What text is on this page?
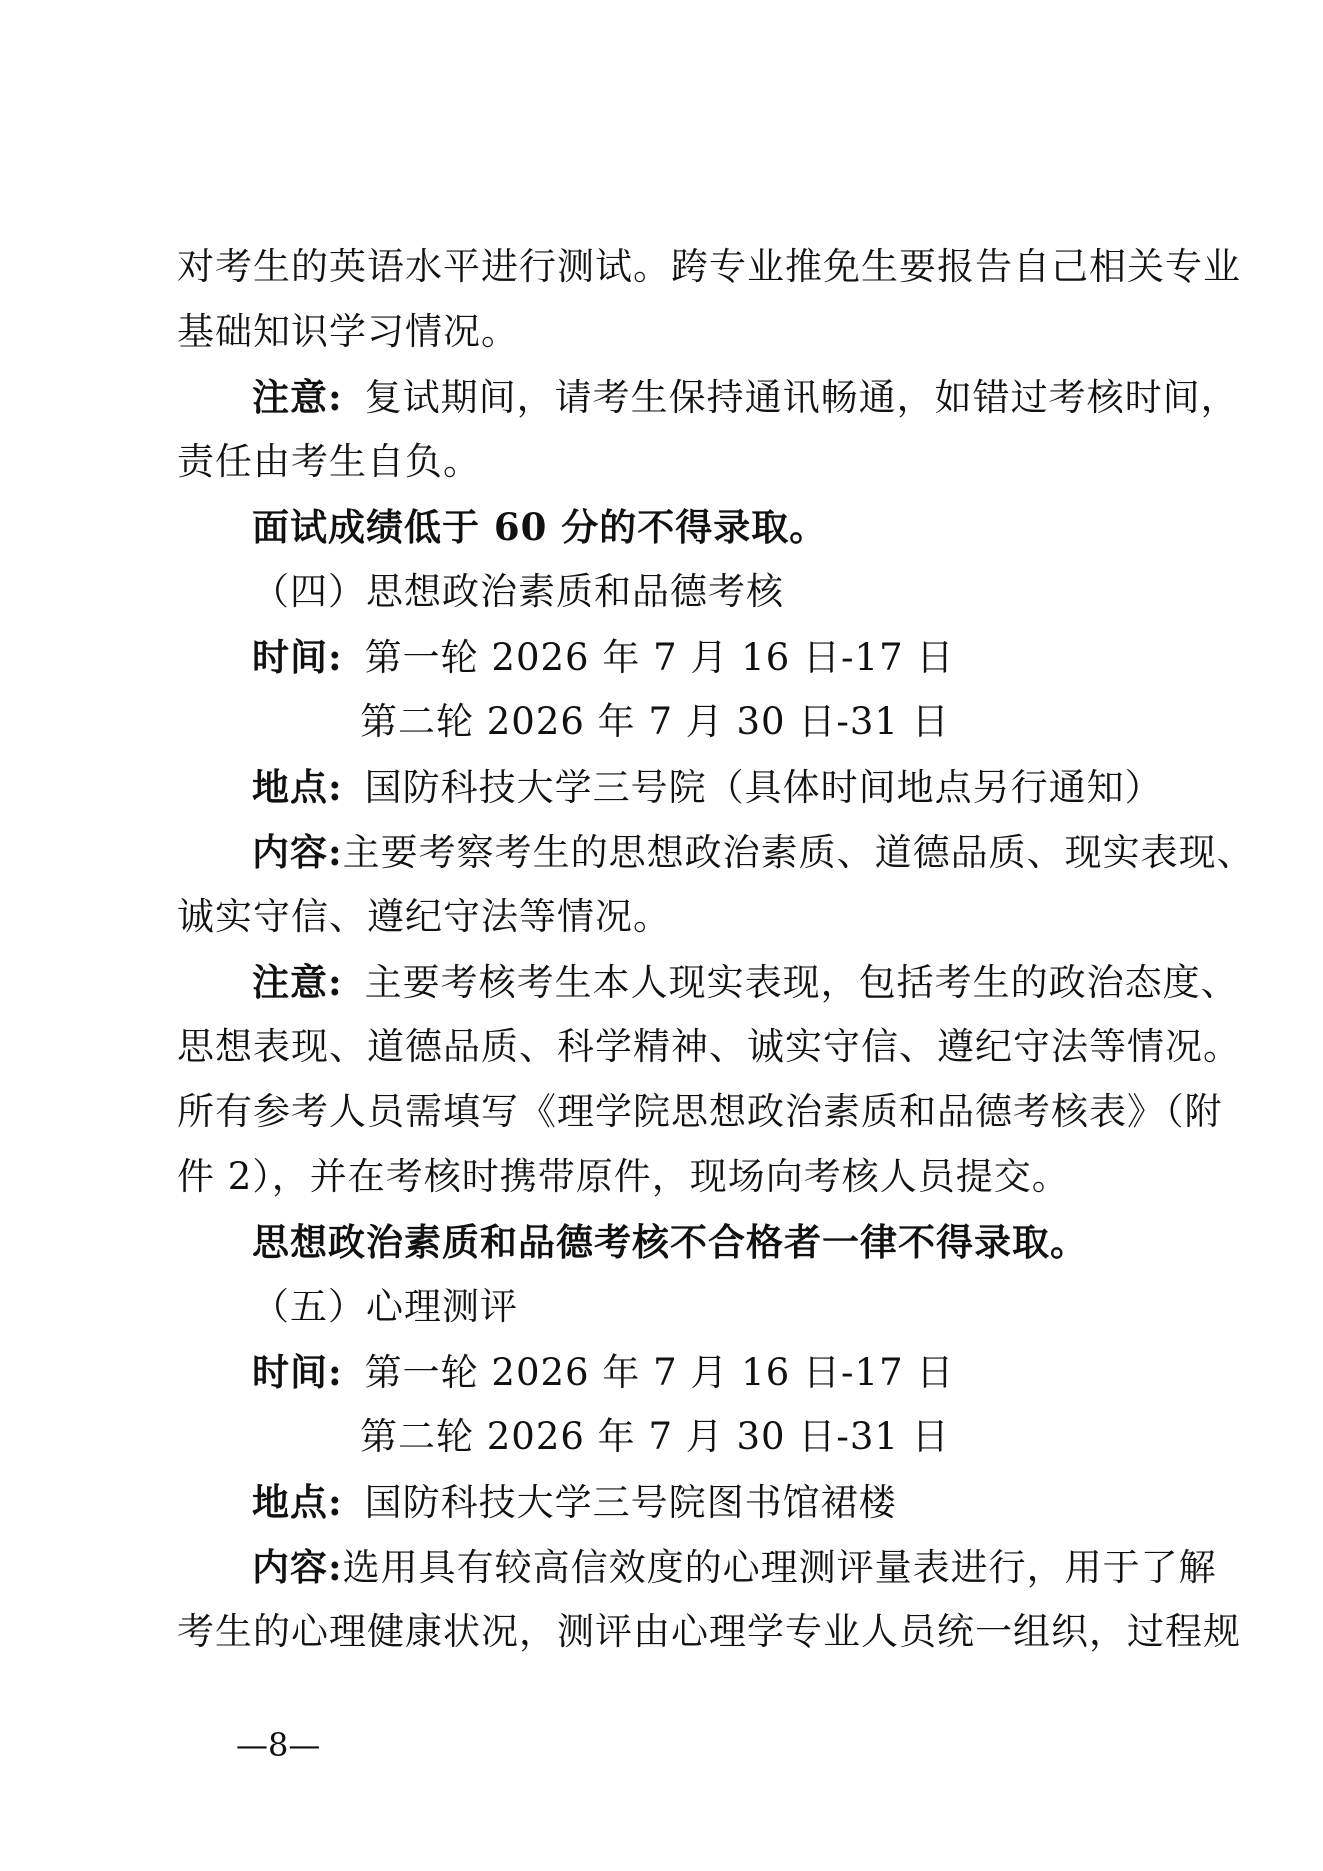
对考生的英语水平进行测试。跨专业推免生要报告自己相关专业
基础知识学习情况。
注意: 复试期间，请考生保持通讯畅通，如错过考核时间，
责任由考生自负。
面试成绩低于 60 分的不得录取。
（四）思想政治素质和品德考核
时间: 第一轮 2026 年 7 月 16 日-17 日
第二轮 2026 年 7 月 30 日-31 日
地点: 国防科技大学三号院（具体时间地点另行通知）
内容:主要考察考生的思想政治素质、道德品质、现实表现、
诚实守信、遵纪守法等情况。
注意: 主要考核考生本人现实表现，包括考生的政治态度、
思想表现、道德品质、科学精神、诚实守信、遵纪守法等情况。
所有参考人员需填写《理学院思想政治素质和品德考核表》（附
件 2），并在考核时携带原件，现场向考核人员提交。
思想政治素质和品德考核不合格者一律不得录取。
（五）心理测评
时间: 第一轮 2026 年 7 月 16 日-17 日
第二轮 2026 年 7 月 30 日-31 日
地点: 国防科技大学三号院图书馆裙楼
内容:选用具有较高信效度的心理测评量表进行，用于了解
考生的心理健康状况，测评由心理学专业人员统一组织，过程规
—8—
